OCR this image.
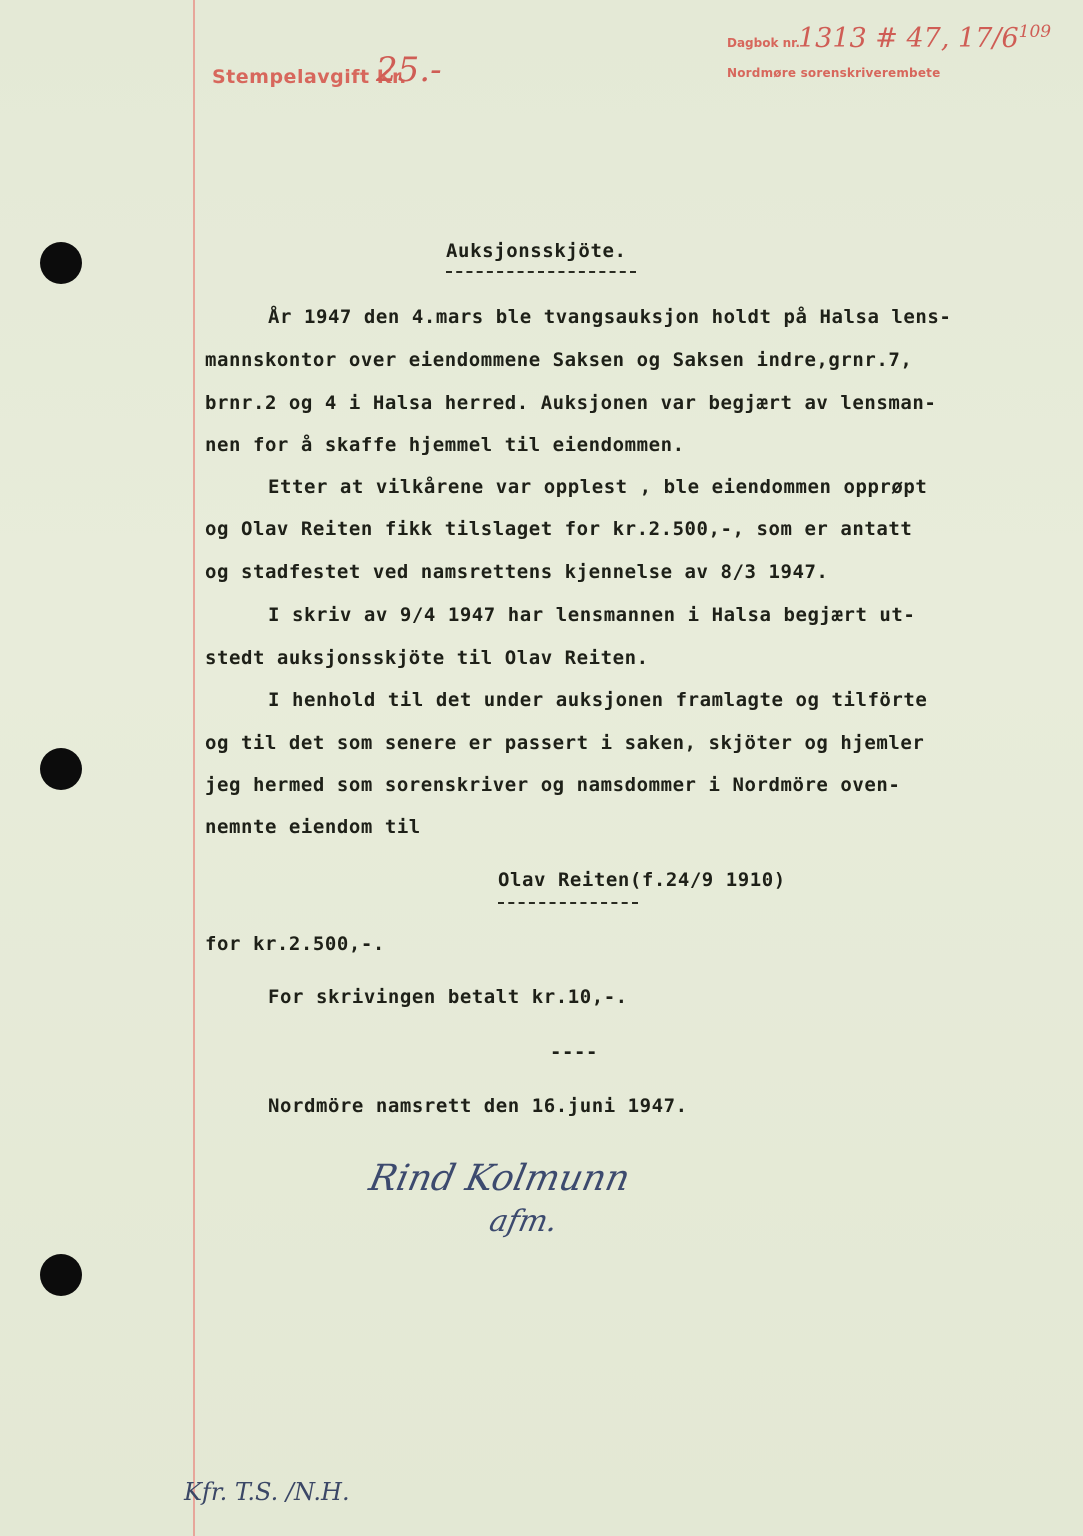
Stempelavgift Kr.
25.-
Dagbok nr.
1313 # 47, $17/6^{109}$
Nordmøre sorenskriverembete
Auksjonsskjöte.
År 1947 den 4.mars ble tvangsauksjon holdt på Halsa lens-
mannskontor over eiendommene Saksen og Saksen indre,grnr.7,
brnr.2 og 4 i Halsa herred. Auksjonen var begjært av lensman-
nen for å skaffe hjemmel til eiendommen.
Etter at vilkårene var opplest , ble eiendommen opprøpt
og Olav Reiten fikk tilslaget for kr.2.500,-, som er antatt
og stadfestet ved namsrettens kjennelse av 8/3 1947.
I skriv av 9/4 1947 har lensmannen i Halsa begjært ut-
stedt auksjonsskjöte til Olav Reiten.
I henhold til det under auksjonen framlagte og tilförte
og til det som senere er passert i saken, skjöter og hjemler
jeg hermed som sorenskriver og namsdommer i Nordmöre oven-
nemnte eiendom til
Olav Reiten(f.24/9 1910)
for kr.2.500,-.
For skrivingen betalt kr.10,-.
----
Nordmöre namsrett den 16.juni 1947.
Rind Kolmunn
afm.
Kfr. T.S. /N.H.
